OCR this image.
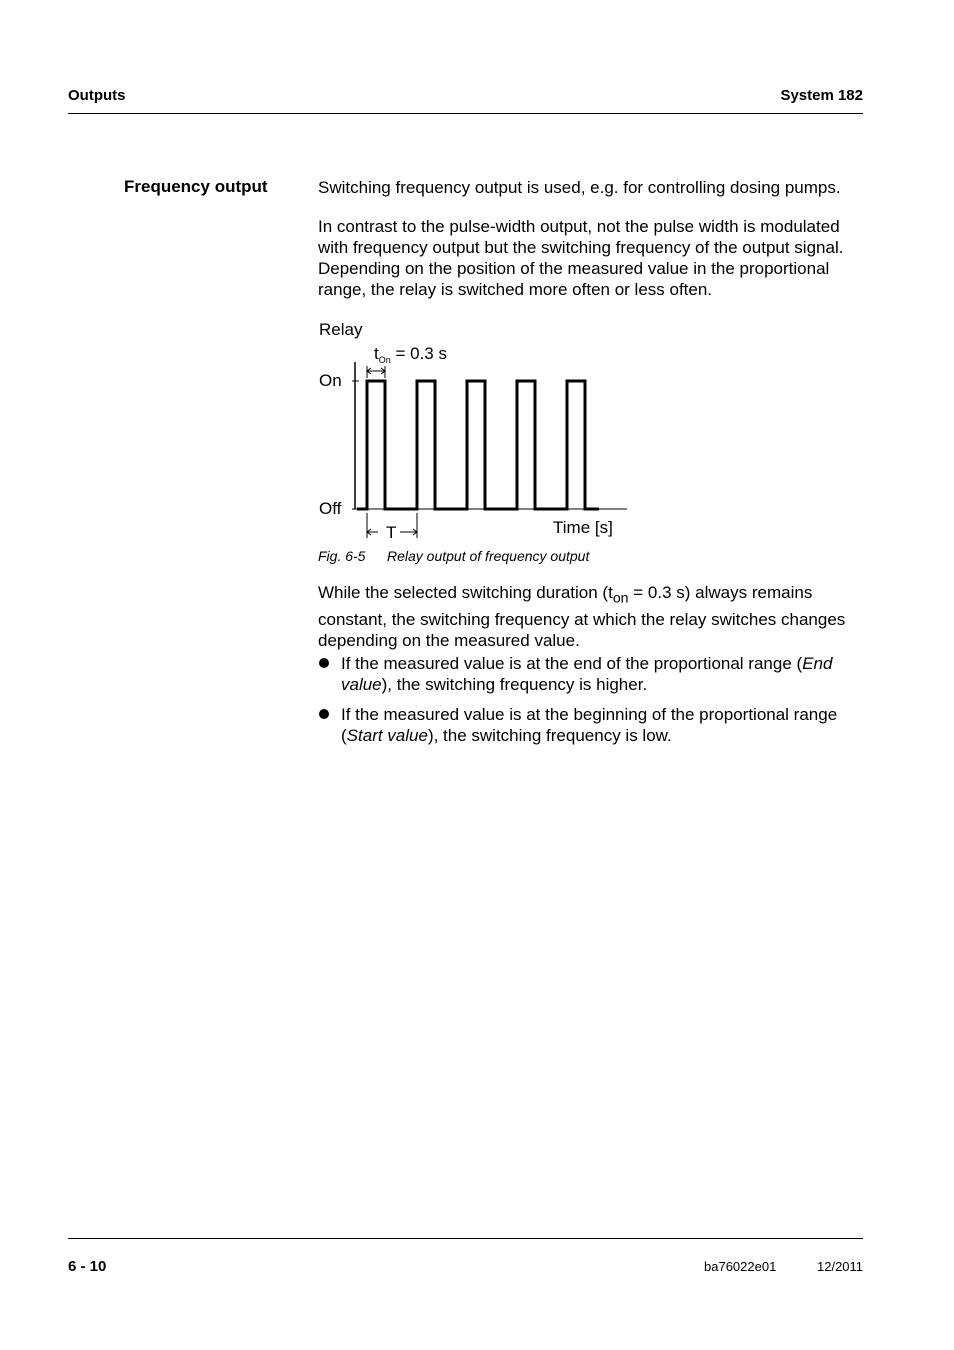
Outputs	System 182
Frequency output	Switching frequency output is used, e.g. for controlling dosing pumps.
In contrast to the pulse-width output, not the pulse width is modulated with frequency output but the switching frequency of the output signal. Depending on the position of the measured value in the proportional range, the relay is switched more often or less often.
Relay
$t_{On} = 0.3$ s
On
Off
Time [s]
T
Fig. 6-5 Relay output of frequency output
While the selected switching duration ($t_{on} = 0.3$ s) always remains constant, the switching frequency at which the relay switches changes depending on the measured value.
If the measured value is at the end of the proportional range (End value), the switching frequency is higher.
If the measured value is at the beginning of the proportional range (Start value), the switching frequency is low.
6 - 10	ba76022e01	12/2011
